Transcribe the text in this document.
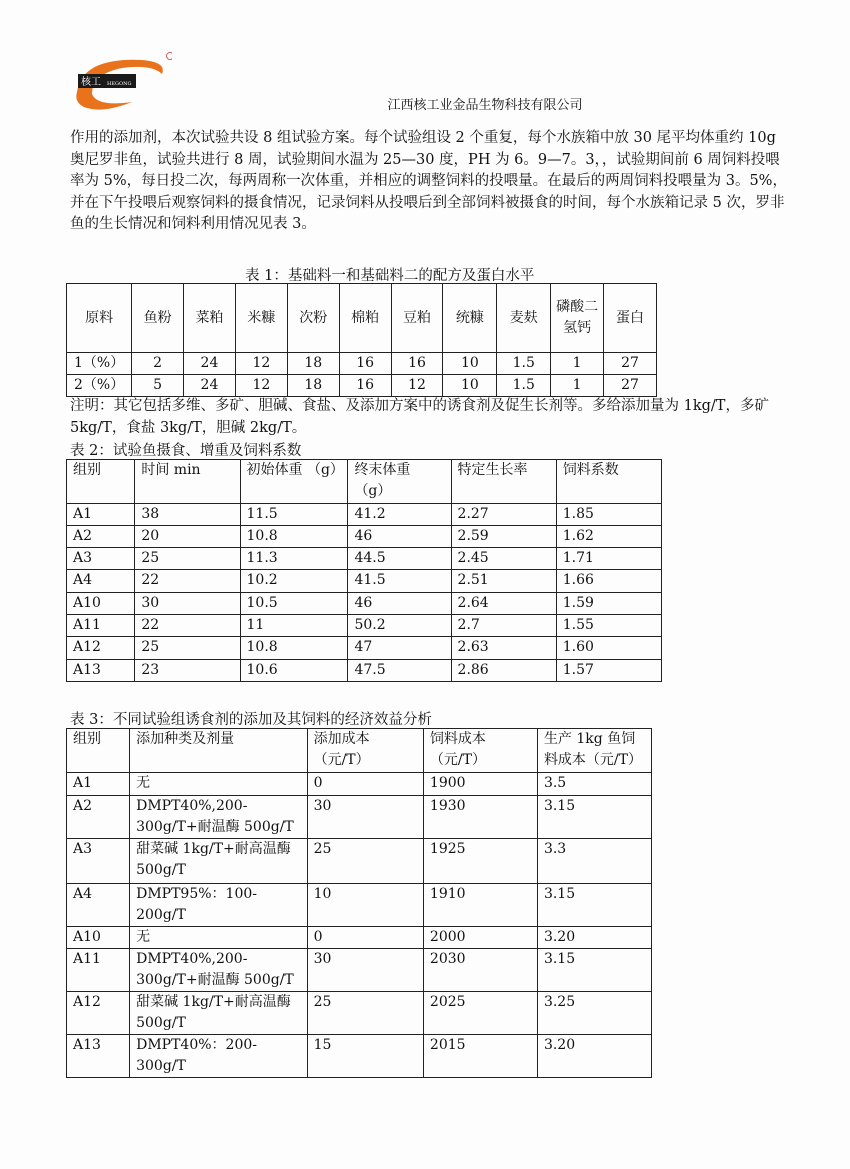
核工 HEGONG
江西核工业金品生物科技有限公司
作用的添加剂，本次试验共设 8 组试验方案。每个试验组设 2 个重复，每个水族箱中放 30 尾平均体重约 10g 奥尼罗非鱼，试验共进行 8 周，试验期间水温为 25—30 度，PH 为 6。9—7。3，，试验期间前 6 周饲料投喂率为 5%，每日投二次，每两周称一次体重，并相应的调整饲料的投喂量。在最后的两周饲料投喂量为 3。5%，并在下午投喂后观察饲料的摄食情况，记录饲料从投喂后到全部饲料被摄食的时间，每个水族箱记录 5 次，罗非鱼的生长情况和饲料利用情况见表 3。
表 1：基础料一和基础料二的配方及蛋白水平
原料	鱼粉	菜粕	米糠	次粉	棉粕	豆粕	统糠	麦麸	磷酸二氢钙	蛋白
1（%）	2	24	12	18	16	16	10	1.5	1	27
2（%）	5	24	12	18	16	12	10	1.5	1	27
注明：其它包括多维、多矿、胆碱、食盐、及添加方案中的诱食剂及促生长剂等。多给添加量为 1kg/T，多矿 5kg/T，食盐 3kg/T，胆碱 2kg/T。
表 2：试验鱼摄食、增重及饲料系数
组别	时间 min	初始体重 （g）	终末体重 （g）	特定生长率	饲料系数
A1	38	11.5	41.2	2.27	1.85
A2	20	10.8	46	2.59	1.62
A3	25	11.3	44.5	2.45	1.71
A4	22	10.2	41.5	2.51	1.66
A10	30	10.5	46	2.64	1.59
A11	22	11	50.2	2.7	1.55
A12	25	10.8	47	2.63	1.60
A13	23	10.6	47.5	2.86	1.57
表 3：不同试验组诱食剂的添加及其饲料的经济效益分析
组别	添加种类及剂量	添加成本 （元/T）	饲料成本 （元/T）	生产 1kg 鱼饲料成本（元/T）
A1	无	0	1900	3.5
A2	DMPT40%,200-300g/T+耐温酶 500g/T	30	1930	3.15
A3	甜菜碱 1kg/T+耐高温酶 500g/T	25	1925	3.3
A4	DMPT95%：100-200g/T	10	1910	3.15
A10	无	0	2000	3.20
A11	DMPT40%,200-300g/T+耐温酶 500g/T	30	2030	3.15
A12	甜菜碱 1kg/T+耐高温酶 500g/T	25	2025	3.25
A13	DMPT40%：200-300g/T	15	2015	3.20
